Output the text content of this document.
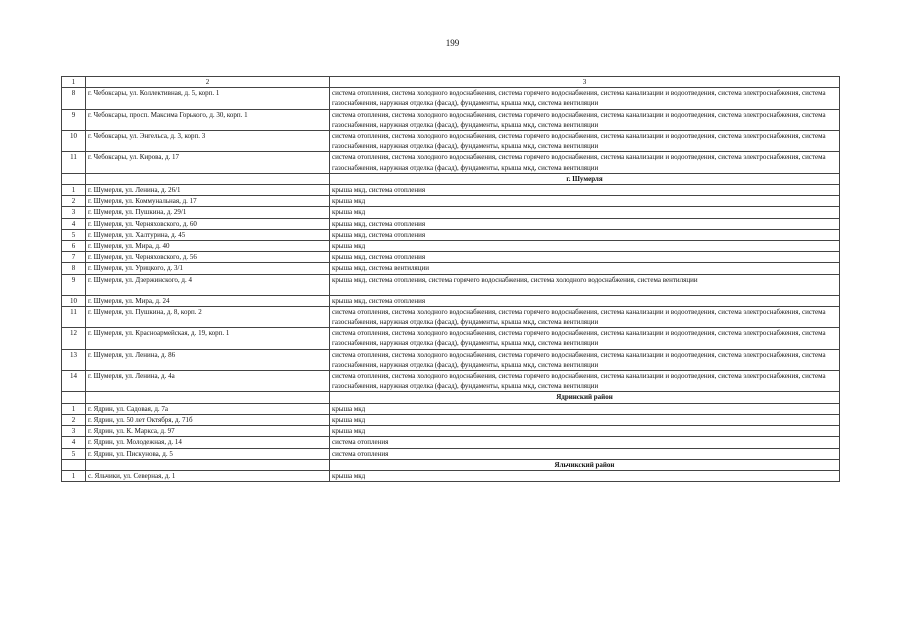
199
1	2	3
8	г. Чебоксары, ул. Коллективная, д. 5, корп. 1	система отопления, система холодного водоснабжения, система горячего водоснабжения, система канализации и водоотведения, система электроснабжения, система газоснабжения, наружная отделка (фасад), фундаменты, крыша мкд, система вентиляции
9	г. Чебоксары, просп. Максима Горького, д. 30, корп. 1	система отопления, система холодного водоснабжения, система горячего водоснабжения, система канализации и водоотведения, система электроснабжения, система газоснабжения, наружная отделка (фасад), фундаменты, крыша мкд, система вентиляции
10	г. Чебоксары, ул. Энгельса, д. 3, корп. 3	система отопления, система холодного водоснабжения, система горячего водоснабжения, система канализации и водоотведения, система электроснабжения, система газоснабжения, наружная отделка (фасад), фундаменты, крыша мкд, система вентиляции
11	г. Чебоксары, ул. Кирова, д. 17	система отопления, система холодного водоснабжения, система горячего водоснабжения, система канализации и водоотведения, система электроснабжения, система газоснабжения, наружная отделка (фасад), фундаменты, крыша мкд, система вентиляции
		г. Шумерля
1	г. Шумерля, ул. Ленина, д. 26/1	крыша мкд, система отопления
2	г. Шумерля, ул. Коммунальная, д. 17	крыша мкд
3	г. Шумерля, ул. Пушкина, д. 29/1	крыша мкд
4	г. Шумерля, ул. Черняховского, д. 60	крыша мкд, система отопления
5	г. Шумерля, ул. Халтурина, д. 45	крыша мкд, система отопления
6	г. Шумерля, ул. Мира, д. 40	крыша мкд
7	г. Шумерля, ул. Черняховского, д. 56	крыша мкд, система отопления
8	г. Шумерля, ул. Урицкого, д. 3/1	крыша мкд, система вентиляции
9	г. Шумерля, ул. Дзержинского, д. 4	крыша мкд, система отопления, система горячего водоснабжения, система холодного водоснабжения, система вентиляции
10	г. Шумерля, ул. Мира, д. 24	крыша мкд, система отопления
11	г. Шумерля, ул. Пушкина, д. 8, корп. 2	система отопления, система холодного водоснабжения, система горячего водоснабжения, система канализации и водоотведения, система электроснабжения, система газоснабжения, наружная отделка (фасад), фундаменты, крыша мкд, система вентиляции
12	г. Шумерля, ул. Красноармейская, д. 19, корп. 1	система отопления, система холодного водоснабжения, система горячего водоснабжения, система канализации и водоотведения, система электроснабжения, система газоснабжения, наружная отделка (фасад), фундаменты, крыша мкд, система вентиляции
13	г. Шумерля, ул. Ленина, д. 86	система отопления, система холодного водоснабжения, система горячего водоснабжения, система канализации и водоотведения, система электроснабжения, система газоснабжения, наружная отделка (фасад), фундаменты, крыша мкд, система вентиляции
14	г. Шумерля, ул. Ленина, д. 4а	система отопления, система холодного водоснабжения, система горячего водоснабжения, система канализации и водоотведения, система электроснабжения, система газоснабжения, наружная отделка (фасад), фундаменты, крыша мкд, система вентиляции
		Ядринский район
1	г. Ядрин, ул. Садовая, д. 7а	крыша мкд
2	г. Ядрин, ул. 50 лет Октября, д. 71б	крыша мкд
3	г. Ядрин, ул. К. Маркса, д. 97	крыша мкд
4	г. Ядрин, ул. Молодежная, д. 14	система отопления
5	г. Ядрин, ул. Пискунова, д. 5	система отопления
		Яльчикский район
1	с. Яльчики, ул. Северная, д. 1	крыша мкд
